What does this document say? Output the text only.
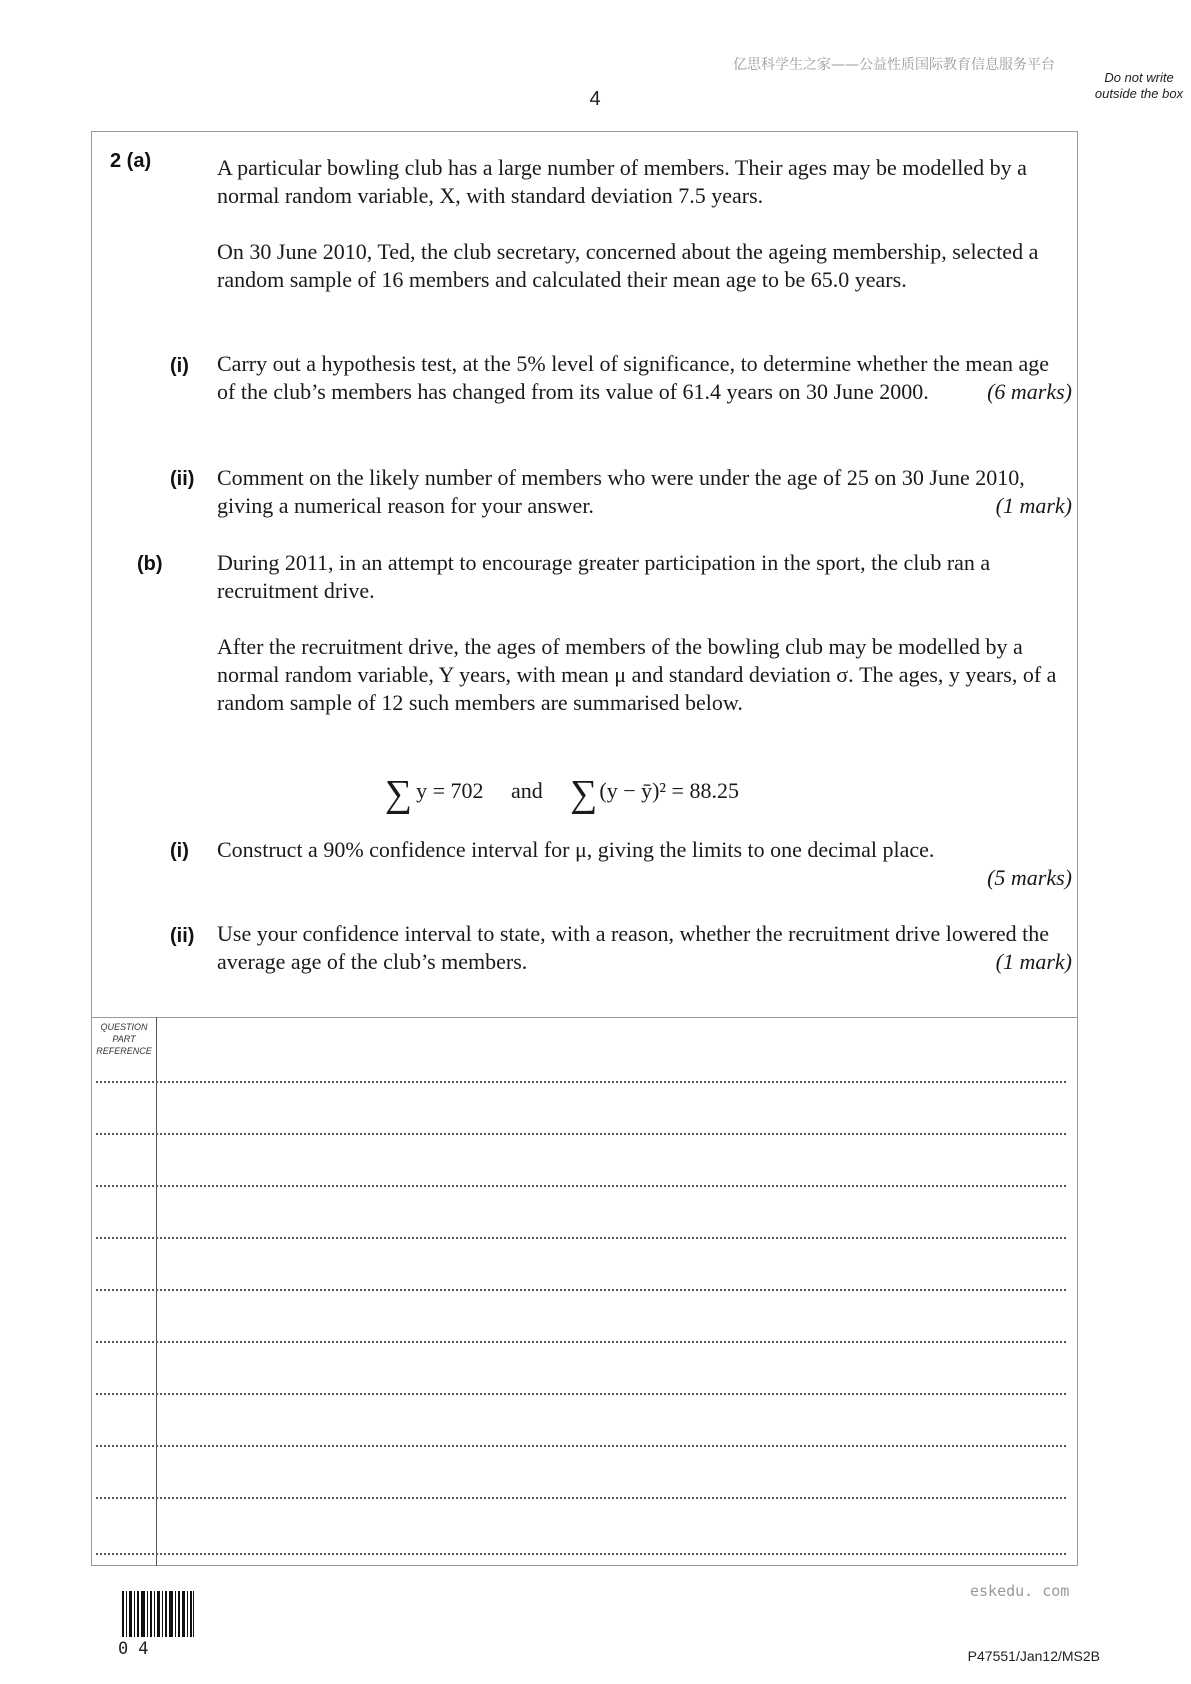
亿思科学生之家——公益性质国际教育信息服务平台
4
Do not write outside the box
2 (a)	A particular bowling club has a large number of members. Their ages may be modelled by a normal random variable, X, with standard deviation 7.5 years.

On 30 June 2010, Ted, the club secretary, concerned about the ageing membership, selected a random sample of 16 members and calculated their mean age to be 65.0 years.

(i) Carry out a hypothesis test, at the 5% level of significance, to determine whether the mean age of the club’s members has changed from its value of 61.4 years on 30 June 2000.	(6 marks)
(ii) Comment on the likely number of members who were under the age of 25 on 30 June 2010, giving a numerical reason for your answer.	(1 mark)
(b) During 2011, in an attempt to encourage greater participation in the sport, the club ran a recruitment drive.

After the recruitment drive, the ages of members of the bowling club may be modelled by a normal random variable, Y years, with mean μ and standard deviation σ. The ages, y years, of a random sample of 12 such members are summarised below.

∑ y = 702 and ∑(y − ȳ)² = 88.25
(i) Construct a 90% confidence interval for μ, giving the limits to one decimal place.

(5 marks)
(ii) Use your confidence interval to state, with a reason, whether the recruitment drive lowered the average age of the club’s members.	(1 mark)
QUESTION PART REFERENCE
eskedu. com
04	P47551/Jan12/MS2B
